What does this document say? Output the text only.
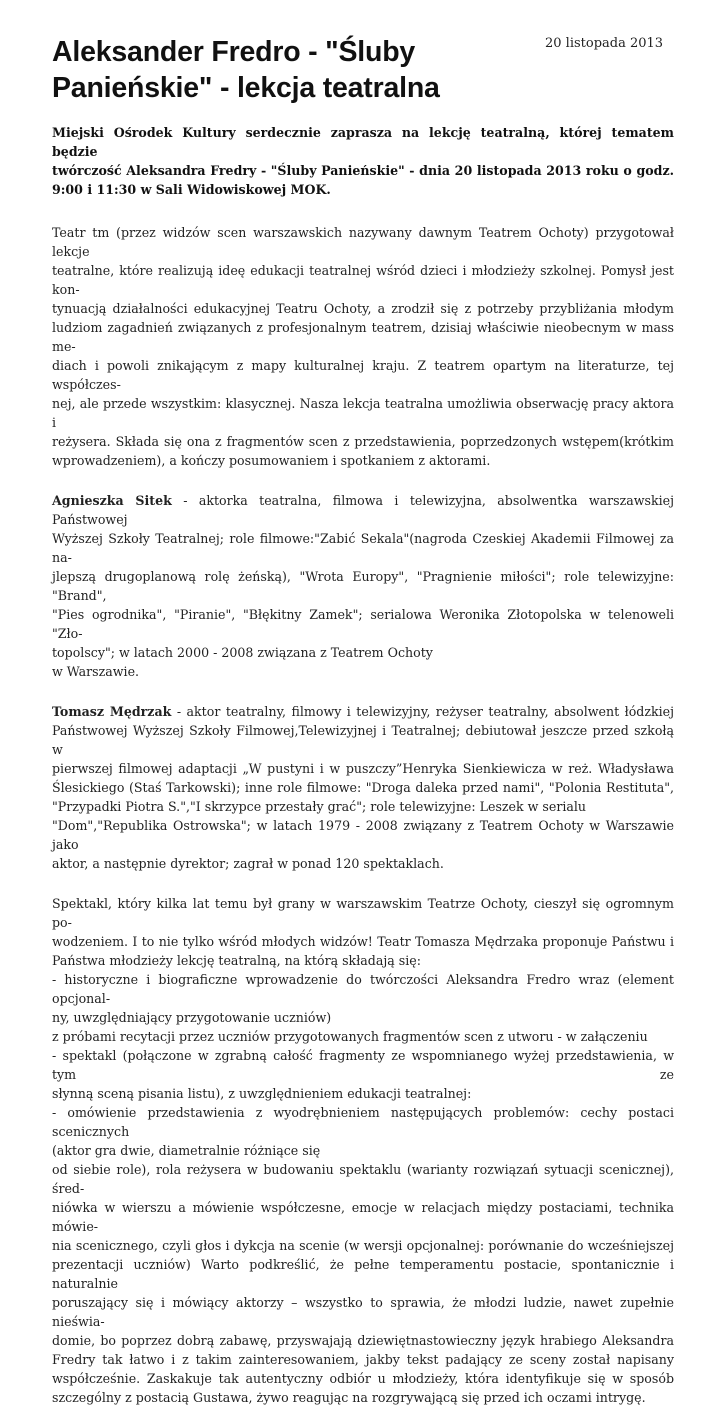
Aleksander Fredro - "Śluby
Panieńskie" - lekcja teatralna
20 listopada 2013

Miejski Ośrodek Kultury serdecznie zaprasza na lekcję teatralną, której tematem będzie
twórczość Aleksandra Fredry - "Śluby Panieńskie" - dnia 20 listopada 2013 roku o godz.
9:00 i 11:30 w Sali Widowiskowej MOK.

Teatr tm (przez widzów scen warszawskich nazywany dawnym Teatrem Ochoty) przygotował lekcje
teatralne, które realizują ideę edukacji teatralnej wśród dzieci i młodzieży szkolnej. Pomysł jest kon-
tynuacją działalności edukacyjnej Teatru Ochoty, a zrodził się z potrzeby przybliżania młodym
ludziom zagadnień związanych z profesjonalnym teatrem, dzisiaj właściwie nieobecnym w mass me-
diach i powoli znikającym z mapy kulturalnej kraju. Z teatrem opartym na literaturze, tej współczes-
nej, ale przede wszystkim: klasycznej. Nasza lekcja teatralna umożliwia obserwację pracy aktora i
reżysera. Składa się ona z fragmentów scen z przedstawienia, poprzedzonych wstępem(krótkim
wprowadzeniem), a kończy posumowaniem i spotkaniem z aktorami.

Agnieszka Sitek - aktorka teatralna, filmowa i telewizyjna, absolwentka warszawskiej Państwowej
Wyższej Szkoły Teatralnej; role filmowe:"Zabić Sekala"(nagroda Czeskiej Akademii Filmowej za na-
jlepszą drugoplanową rolę żeńską), "Wrota Europy", "Pragnienie miłości"; role telewizyjne: "Brand",
"Pies ogrodnika", "Piranie", "Błękitny Zamek"; serialowa Weronika Złotopolska w telenoweli "Zło-
topolscy"; w latach 2000 - 2008 związana z Teatrem Ochoty
w Warszawie.

Tomasz Mędrzak - aktor teatralny, filmowy i telewizyjny, reżyser teatralny, absolwent łódzkiej
Państwowej Wyższej Szkoły Filmowej,Telewizyjnej i Teatralnej; debiutował jeszcze przed szkołą w
pierwszej filmowej adaptacji „W pustyni i w puszczy”Henryka Sienkiewicza w reż. Władysława
Ślesickiego (Staś Tarkowski); inne role filmowe: "Droga daleka przed nami", "Polonia Restituta",
"Przypadki Piotra S.","I skrzypce przestały grać"; role telewizyjne: Leszek w serialu
"Dom","Republika Ostrowska"; w latach 1979 - 2008 związany z Teatrem Ochoty w Warszawie jako
aktor, a następnie dyrektor; zagrał w ponad 120 spektaklach.

Spektakl, który kilka lat temu był grany w warszawskim Teatrze Ochoty, cieszył się ogromnym po-
wodzeniem. I to nie tylko wśród młodych widzów! Teatr Tomasza Mędrzaka proponuje Państwu i
Państwa młodzieży lekcję teatralną, na którą składają się:
- historyczne i biograficzne wprowadzenie do twórczości Aleksandra Fredro wraz (element opcjonal-
ny, uwzględniający przygotowanie uczniów)
z próbami recytacji przez uczniów przygotowanych fragmentów scen z utworu - w załączeniu
- spektakl (połączone w zgrabną całość fragmenty ze wspomnianego wyżej przedstawienia, w tym ze
słynną sceną pisania listu), z uwzględnieniem edukacji teatralnej:
- omówienie przedstawienia z wyodrębnieniem następujących problemów: cechy postaci scenicznych
(aktor gra dwie, diametralnie różniące się
od siebie role), rola reżysera w budowaniu spektaklu (warianty rozwiązań sytuacji scenicznej), śred-
niówka w wierszu a mówienie współczesne, emocje w relacjach między postaciami, technika mówie-
nia scenicznego, czyli głos i dykcja na scenie (w wersji opcjonalnej: porównanie do wcześniejszej
prezentacji uczniów) Warto podkreślić, że pełne temperamentu postacie, spontanicznie i naturalnie
poruszający się i mówiący aktorzy – wszystko to sprawia, że młodzi ludzie, nawet zupełnie nieświa-
domie, bo poprzez dobrą zabawę, przyswajają dziewiętnastowieczny język hrabiego Aleksandra
Fredry tak łatwo i z takim zainteresowaniem, jakby tekst padający ze sceny został napisany
współcześnie. Zaskakuje tak autentyczny odbiór u młodzieży, która identyfikuje się w sposób
szczególny z postacią Gustawa, żywo reagując na rozgrywającą się przed ich oczami intrygę.
